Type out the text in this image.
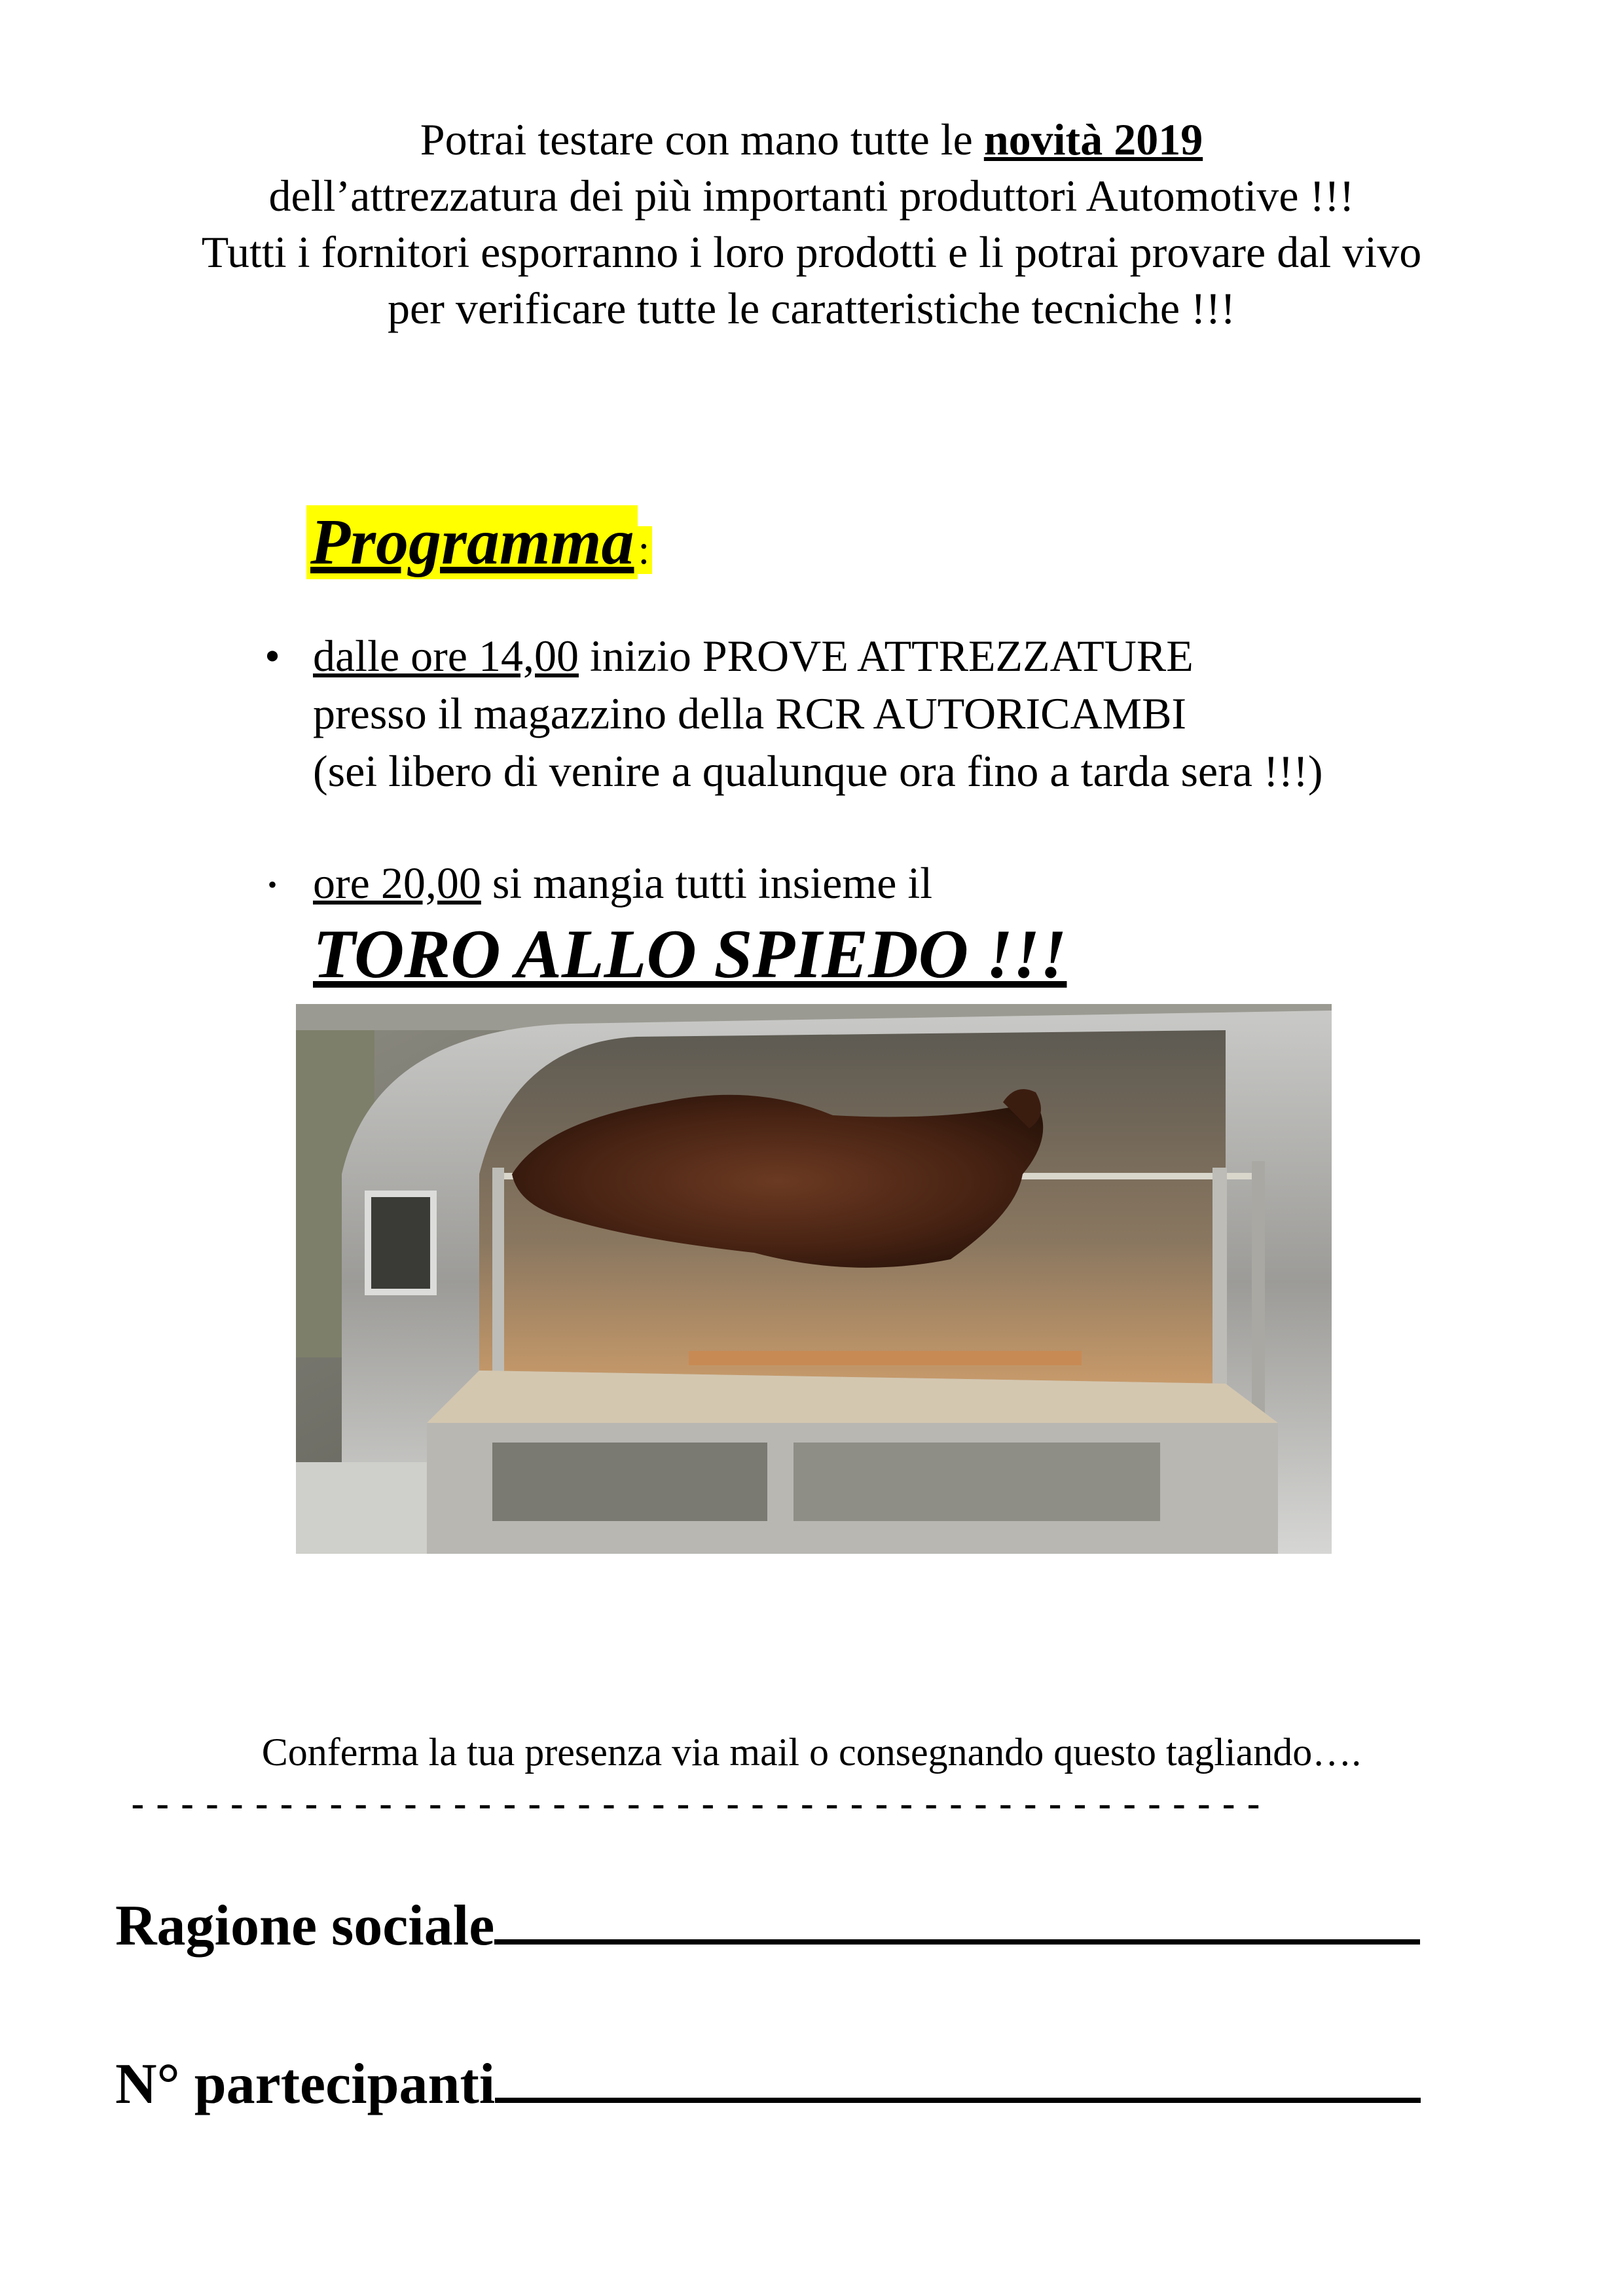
Potrai testare con mano tutte le novità 2019
dell’attrezzatura dei più importanti produttori Automotive !!!
Tutti i fornitori esporranno i loro prodotti e li potrai provare dal vivo
per verificare tutte le caratteristiche tecniche !!!
Programma:
• dalle ore 14,00 inizio PROVE ATTREZZATURE
presso il magazzino della RCR AUTORICAMBI
(sei libero di venire a qualunque ora fino a tarda sera !!!)
• ore 20,00 si mangia tutti insieme il
TORO ALLO SPIEDO !!!
Conferma la tua presenza via mail o consegnando questo tagliando….
- - - - - - - - - - - - - - - - - - - - - - - - - - - - - - - - - - - - - - - - - - - - - -
Ragione sociale
N° partecipanti
